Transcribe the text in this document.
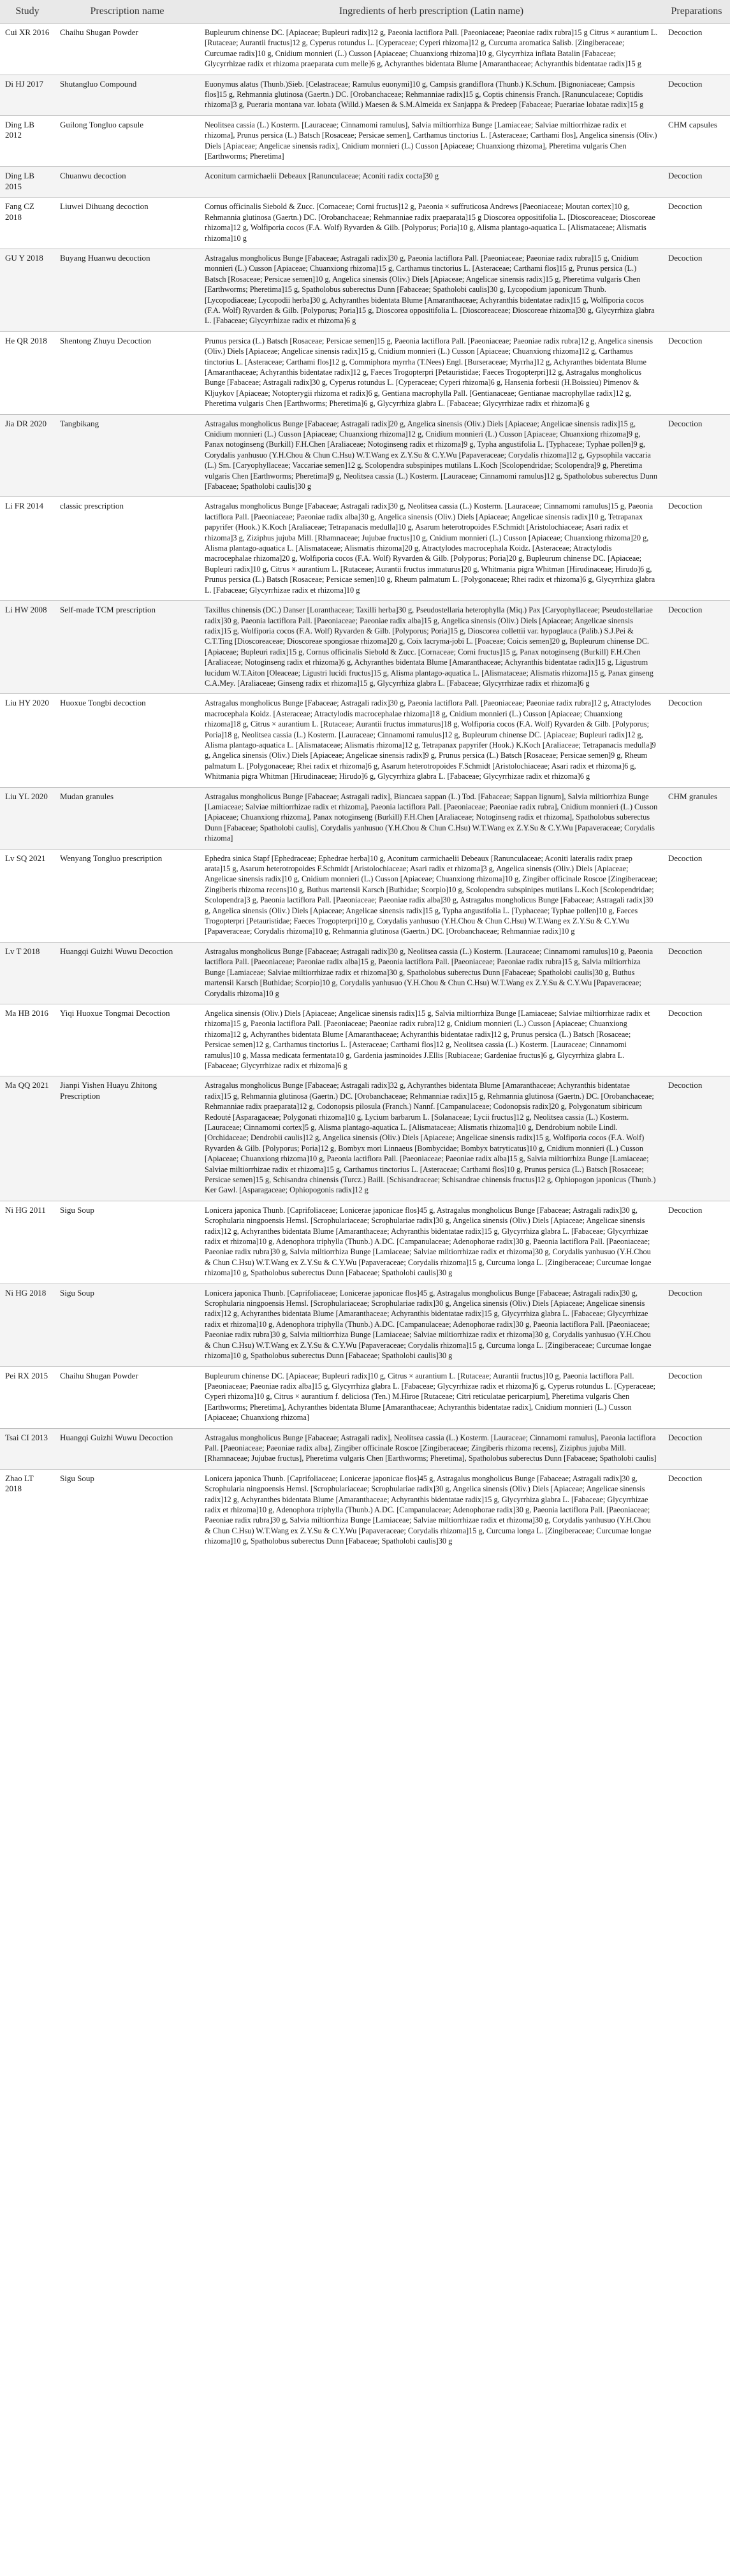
Study	Prescription name	Ingredients of herb prescription (Latin name)	Preparations
Cui XR 2016	Chaihu Shugan Powder	Bupleurum chinense DC. [Apiaceae; Bupleuri radix]12 g, Paeonia lactiflora Pall. [Paeoniaceae; Paeoniae radix rubra]15 g Citrus × aurantium L. [Rutaceae; Aurantii fructus]12 g, Cyperus rotundus L. [Cyperaceae; Cyperi rhizoma]12 g, Curcuma aromatica Salisb. [Zingiberaceae; Curcumae radix]10 g, Cnidium monnieri (L.) Cusson [Apiaceae; Chuanxiong rhizoma]10 g, Glycyrrhiza inflata Batalin [Fabaceae; Glycyrrhizae radix et rhizoma praeparata cum melle]6 g, Achyranthes bidentata Blume [Amaranthaceae; Achyranthis bidentatae radix]15 g	Decoction
Di HJ 2017	Shutangluo Compound	Euonymus alatus (Thunb.)Sieb. [Celastraceae; Ramulus euonymi]10 g, Campsis grandiflora (Thunb.) K.Schum. [Bignoniaceae; Campsis flos]15 g, Rehmannia glutinosa (Gaertn.) DC. [Orobanchaceae; Rehmanniae radix]15 g, Coptis chinensis Franch. [Ranunculaceae; Coptidis rhizoma]3 g, Pueraria montana var. lobata (Willd.) Maesen & S.M.Almeida ex Sanjappa & Predeep [Fabaceae; Puerariae lobatae radix]15 g	Decoction
Ding LB 2012	Guilong Tongluo capsule	Neolitsea cassia (L.) Kosterm. [Lauraceae; Cinnamomi ramulus], Salvia miltiorrhiza Bunge [Lamiaceae; Salviae miltiorrhizae radix et rhizoma], Prunus persica (L.) Batsch [Rosaceae; Persicae semen], Carthamus tinctorius L. [Asteraceae; Carthami flos], Angelica sinensis (Oliv.) Diels [Apiaceae; Angelicae sinensis radix], Cnidium monnieri (L.) Cusson [Apiaceae; Chuanxiong rhizoma], Pheretima vulgaris Chen [Earthworms; Pheretima]	CHM capsules
Ding LB 2015	Chuanwu decoction	Aconitum carmichaelii Debeaux [Ranunculaceae; Aconiti radix cocta]30 g	Decoction
Fang CZ 2018	Liuwei Dihuang decoction	Cornus officinalis Siebold & Zucc. [Cornaceae; Corni fructus]12 g, Paeonia × suffruticosa Andrews [Paeoniaceae; Moutan cortex]10 g, Rehmannia glutinosa (Gaertn.) DC. [Orobanchaceae; Rehmanniae radix praeparata]15 g Dioscorea oppositifolia L. [Dioscoreaceae; Dioscoreae rhizoma]12 g, Wolfiporia cocos (F.A. Wolf) Ryvarden & Gilb. [Polyporus; Poria]10 g, Alisma plantago-aquatica L. [Alismataceae; Alismatis rhizoma]10 g	Decoction
GU Y 2018	Buyang Huanwu decoction	Astragalus mongholicus Bunge [Fabaceae; Astragali radix]30 g, Paeonia lactiflora Pall. [Paeoniaceae; Paeoniae radix rubra]15 g, Cnidium monnieri (L.) Cusson [Apiaceae; Chuanxiong rhizoma]15 g, Carthamus tinctorius L. [Asteraceae; Carthami flos]15 g, Prunus persica (L.) Batsch [Rosaceae; Persicae semen]10 g, Angelica sinensis (Oliv.) Diels [Apiaceae; Angelicae sinensis radix]15 g, Pheretima vulgaris Chen [Earthworms; Pheretima]15 g, Spatholobus suberectus Dunn [Fabaceae; Spatholobi caulis]30 g, Lycopodium japonicum Thunb. [Lycopodiaceae; Lycopodii herba]30 g, Achyranthes bidentata Blume [Amaranthaceae; Achyranthis bidentatae radix]15 g, Wolfiporia cocos (F.A. Wolf) Ryvarden & Gilb. [Polyporus; Poria]15 g, Dioscorea oppositifolia L. [Dioscoreaceae; Dioscoreae rhizoma]30 g, Glycyrrhiza glabra L. [Fabaceae; Glycyrrhizae radix et rhizoma]6 g	Decoction
He QR 2018	Shentong Zhuyu Decoction	Prunus persica (L.) Batsch [Rosaceae; Persicae semen]15 g, Paeonia lactiflora Pall. [Paeoniaceae; Paeoniae radix rubra]12 g, Angelica sinensis (Oliv.) Diels [Apiaceae; Angelicae sinensis radix]15 g, Cnidium monnieri (L.) Cusson [Apiaceae; Chuanxiong rhizoma]12 g, Carthamus tinctorius L. [Asteraceae; Carthami flos]12 g, Commiphora myrrha (T.Nees) Engl. [Burseraceae; Myrrha]12 g, Achyranthes bidentata Blume [Amaranthaceae; Achyranthis bidentatae radix]12 g, Faeces Trogopterpri [Petauristidae; Faeces Trogopterpri]12 g, Astragalus mongholicus Bunge [Fabaceae; Astragali radix]30 g, Cyperus rotundus L. [Cyperaceae; Cyperi rhizoma]6 g, Hansenia forbesii (H.Boissieu) Pimenov & Kljuykov [Apiaceae; Notopterygii rhizoma et radix]6 g, Gentiana macrophylla Pall. [Gentianaceae; Gentianae macrophyllae radix]12 g, Pheretima vulgaris Chen [Earthworms; Pheretima]6 g, Glycyrrhiza glabra L. [Fabaceae; Glycyrrhizae radix et rhizoma]6 g	Decoction
Jia DR 2020	Tangbikang	Astragalus mongholicus Bunge [Fabaceae; Astragali radix]20 g, Angelica sinensis (Oliv.) Diels [Apiaceae; Angelicae sinensis radix]15 g, Cnidium monnieri (L.) Cusson [Apiaceae; Chuanxiong rhizoma]12 g, Cnidium monnieri (L.) Cusson [Apiaceae; Chuanxiong rhizoma]9 g, Panax notoginseng (Burkill) F.H.Chen [Araliaceae; Notoginseng radix et rhizoma]9 g, Typha angustifolia L. [Typhaceae; Typhae pollen]9 g, Corydalis yanhusuo (Y.H.Chou & Chun C.Hsu) W.T.Wang ex Z.Y.Su & C.Y.Wu [Papaveraceae; Corydalis rhizoma]12 g, Gypsophila vaccaria (L.) Sm. [Caryophyllaceae; Vaccariae semen]12 g, Scolopendra subspinipes mutilans L.Koch [Scolopendridae; Scolopendra]9 g, Pheretima vulgaris Chen [Earthworms; Pheretima]9 g, Neolitsea cassia (L.) Kosterm. [Lauraceae; Cinnamomi ramulus]12 g, Spatholobus suberectus Dunn [Fabaceae; Spatholobi caulis]30 g	Decoction
Li FR 2014	classic prescription	Astragalus mongholicus Bunge [Fabaceae; Astragali radix]30 g, Neolitsea cassia (L.) Kosterm. [Lauraceae; Cinnamomi ramulus]15 g, Paeonia lactiflora Pall. [Paeoniaceae; Paeoniae radix alba]30 g, Angelica sinensis (Oliv.) Diels [Apiaceae; Angelicae sinensis radix]10 g, Tetrapanax papyrifer (Hook.) K.Koch [Araliaceae; Tetrapanacis medulla]10 g, Asarum heterotropoides F.Schmidt [Aristolochiaceae; Asari radix et rhizoma]3 g, Ziziphus jujuba Mill. [Rhamnaceae; Jujubae fructus]10 g, Cnidium monnieri (L.) Cusson [Apiaceae; Chuanxiong rhizoma]20 g, Alisma plantago-aquatica L. [Alismataceae; Alismatis rhizoma]20 g, Atractylodes macrocephala Koidz. [Asteraceae; Atractylodis macrocephalae rhizoma]20 g, Wolfiporia cocos (F.A. Wolf) Ryvarden & Gilb. [Polyporus; Poria]20 g, Bupleurum chinense DC. [Apiaceae; Bupleuri radix]10 g, Citrus × aurantium L. [Rutaceae; Aurantii fructus immaturus]20 g, Whitmania pigra Whitman [Hirudinaceae; Hirudo]6 g, Prunus persica (L.) Batsch [Rosaceae; Persicae semen]10 g, Rheum palmatum L. [Polygonaceae; Rhei radix et rhizoma]6 g, Glycyrrhiza glabra L. [Fabaceae; Glycyrrhizae radix et rhizoma]10 g	Decoction
Li HW 2008	Self-made TCM prescription	Taxillus chinensis (DC.) Danser [Loranthaceae; Taxilli herba]30 g, Pseudostellaria heterophylla (Miq.) Pax [Caryophyllaceae; Pseudostellariae radix]30 g, Paeonia lactiflora Pall. [Paeoniaceae; Paeoniae radix alba]15 g, Angelica sinensis (Oliv.) Diels [Apiaceae; Angelicae sinensis radix]15 g, Wolfiporia cocos (F.A. Wolf) Ryvarden & Gilb. [Polyporus; Poria]15 g, Dioscorea collettii var. hypoglauca (Palib.) S.J.Pei & C.T.Ting [Dioscoreaceae; Dioscoreae spongiosae rhizoma]20 g, Coix lacryma-jobi L. [Poaceae; Coicis semen]20 g, Bupleurum chinense DC. [Apiaceae; Bupleuri radix]15 g, Cornus officinalis Siebold & Zucc. [Cornaceae; Corni fructus]15 g, Panax notoginseng (Burkill) F.H.Chen [Araliaceae; Notoginseng radix et rhizoma]6 g, Achyranthes bidentata Blume [Amaranthaceae; Achyranthis bidentatae radix]15 g, Ligustrum lucidum W.T.Aiton [Oleaceae; Ligustri lucidi fructus]15 g, Alisma plantago-aquatica L. [Alismataceae; Alismatis rhizoma]15 g, Panax ginseng C.A.Mey. [Araliaceae; Ginseng radix et rhizoma]15 g, Glycyrrhiza glabra L. [Fabaceae; Glycyrrhizae radix et rhizoma]6 g	Decoction
Liu HY 2020	Huoxue Tongbi decoction	Astragalus mongholicus Bunge [Fabaceae; Astragali radix]30 g, Paeonia lactiflora Pall. [Paeoniaceae; Paeoniae radix rubra]12 g, Atractylodes macrocephala Koidz. [Asteraceae; Atractylodis macrocephalae rhizoma]18 g, Cnidium monnieri (L.) Cusson [Apiaceae; Chuanxiong rhizoma]18 g, Citrus × aurantium L. [Rutaceae; Aurantii fructus immaturus]18 g, Wolfiporia cocos (F.A. Wolf) Ryvarden & Gilb. [Polyporus; Poria]18 g, Neolitsea cassia (L.) Kosterm. [Lauraceae; Cinnamomi ramulus]12 g, Bupleurum chinense DC. [Apiaceae; Bupleuri radix]12 g, Alisma plantago-aquatica L. [Alismataceae; Alismatis rhizoma]12 g, Tetrapanax papyrifer (Hook.) K.Koch [Araliaceae; Tetrapanacis medulla]9 g, Angelica sinensis (Oliv.) Diels [Apiaceae; Angelicae sinensis radix]9 g, Prunus persica (L.) Batsch [Rosaceae; Persicae semen]9 g, Rheum palmatum L. [Polygonaceae; Rhei radix et rhizoma]6 g, Asarum heterotropoides F.Schmidt [Aristolochiaceae; Asari radix et rhizoma]6 g, Whitmania pigra Whitman [Hirudinaceae; Hirudo]6 g, Glycyrrhiza glabra L. [Fabaceae; Glycyrrhizae radix et rhizoma]6 g	Decoction
Liu YL 2020	Mudan granules	Astragalus mongholicus Bunge [Fabaceae; Astragali radix], Biancaea sappan (L.) Tod. [Fabaceae; Sappan lignum], Salvia miltiorrhiza Bunge [Lamiaceae; Salviae miltiorrhizae radix et rhizoma], Paeonia lactiflora Pall. [Paeoniaceae; Paeoniae radix rubra], Cnidium monnieri (L.) Cusson [Apiaceae; Chuanxiong rhizoma], Panax notoginseng (Burkill) F.H.Chen [Araliaceae; Notoginseng radix et rhizoma], Spatholobus suberectus Dunn [Fabaceae; Spatholobi caulis], Corydalis yanhusuo (Y.H.Chou & Chun C.Hsu) W.T.Wang ex Z.Y.Su & C.Y.Wu [Papaveraceae; Corydalis rhizoma]	CHM granules
Lv SQ 2021	Wenyang Tongluo prescription	Ephedra sinica Stapf [Ephedraceae; Ephedrae herba]10 g, Aconitum carmichaelii Debeaux [Ranunculaceae; Aconiti lateralis radix praep arata]15 g, Asarum heterotropoides F.Schmidt [Aristolochiaceae; Asari radix et rhizoma]3 g, Angelica sinensis (Oliv.) Diels [Apiaceae; Angelicae sinensis radix]10 g, Cnidium monnieri (L.) Cusson [Apiaceae; Chuanxiong rhizoma]10 g, Zingiber officinale Roscoe [Zingiberaceae; Zingiberis rhizoma recens]10 g, Buthus martensii Karsch [Buthidae; Scorpio]10 g, Scolopendra subspinipes mutilans L.Koch [Scolopendridae; Scolopendra]3 g, Paeonia lactiflora Pall. [Paeoniaceae; Paeoniae radix alba]30 g, Astragalus mongholicus Bunge [Fabaceae; Astragali radix]30 g, Angelica sinensis (Oliv.) Diels [Apiaceae; Angelicae sinensis radix]15 g, Typha angustifolia L. [Typhaceae; Typhae pollen]10 g, Faeces Trogopterpri [Petauristidae; Faeces Trogopterpri]10 g, Corydalis yanhusuo (Y.H.Chou & Chun C.Hsu) W.T.Wang ex Z.Y.Su & C.Y.Wu [Papaveraceae; Corydalis rhizoma]10 g, Rehmannia glutinosa (Gaertn.) DC. [Orobanchaceae; Rehmanniae radix]10 g	Decoction
Lv T 2018	Huangqi Guizhi Wuwu Decoction	Astragalus mongholicus Bunge [Fabaceae; Astragali radix]30 g, Neolitsea cassia (L.) Kosterm. [Lauraceae; Cinnamomi ramulus]10 g, Paeonia lactiflora Pall. [Paeoniaceae; Paeoniae radix alba]15 g, Paeonia lactiflora Pall. [Paeoniaceae; Paeoniae radix rubra]15 g, Salvia miltiorrhiza Bunge [Lamiaceae; Salviae miltiorrhizae radix et rhizoma]30 g, Spatholobus suberectus Dunn [Fabaceae; Spatholobi caulis]30 g, Buthus martensii Karsch [Buthidae; Scorpio]10 g, Corydalis yanhusuo (Y.H.Chou & Chun C.Hsu) W.T.Wang ex Z.Y.Su & C.Y.Wu [Papaveraceae; Corydalis rhizoma]10 g	Decoction
Ma HB 2016	Yiqi Huoxue Tongmai Decoction	Angelica sinensis (Oliv.) Diels [Apiaceae; Angelicae sinensis radix]15 g, Salvia miltiorrhiza Bunge [Lamiaceae; Salviae miltiorrhizae radix et rhizoma]15 g, Paeonia lactiflora Pall. [Paeoniaceae; Paeoniae radix rubra]12 g, Cnidium monnieri (L.) Cusson [Apiaceae; Chuanxiong rhizoma]12 g, Achyranthes bidentata Blume [Amaranthaceae; Achyranthis bidentatae radix]12 g, Prunus persica (L.) Batsch [Rosaceae; Persicae semen]12 g, Carthamus tinctorius L. [Asteraceae; Carthami flos]12 g, Neolitsea cassia (L.) Kosterm. [Lauraceae; Cinnamomi ramulus]10 g, Massa medicata fermentata10 g, Gardenia jasminoides J.Ellis [Rubiaceae; Gardeniae fructus]6 g, Glycyrrhiza glabra L. [Fabaceae; Glycyrrhizae radix et rhizoma]6 g	Decoction
Ma QQ 2021	Jianpi Yishen Huayu Zhitong Prescription	Astragalus mongholicus Bunge [Fabaceae; Astragali radix]32 g, Achyranthes bidentata Blume [Amaranthaceae; Achyranthis bidentatae radix]15 g, Rehmannia glutinosa (Gaertn.) DC. [Orobanchaceae; Rehmanniae radix]15 g, Rehmannia glutinosa (Gaertn.) DC. [Orobanchaceae; Rehmanniae radix praeparata]12 g, Codonopsis pilosula (Franch.) Nannf. [Campanulaceae; Codonopsis radix]20 g, Polygonatum sibiricum Redouté [Asparagaceae; Polygonati rhizoma]10 g, Lycium barbarum L. [Solanaceae; Lycii fructus]12 g, Neolitsea cassia (L.) Kosterm. [Lauraceae; Cinnamomi cortex]5 g, Alisma plantago-aquatica L. [Alismataceae; Alismatis rhizoma]10 g, Dendrobium nobile Lindl. [Orchidaceae; Dendrobii caulis]12 g, Angelica sinensis (Oliv.) Diels [Apiaceae; Angelicae sinensis radix]15 g, Wolfiporia cocos (F.A. Wolf) Ryvarden & Gilb. [Polyporus; Poria]12 g, Bombyx mori Linnaeus [Bombycidae; Bombyx batryticatus]10 g, Cnidium monnieri (L.) Cusson [Apiaceae; Chuanxiong rhizoma]10 g, Paeonia lactiflora Pall. [Paeoniaceae; Paeoniae radix alba]15 g, Salvia miltiorrhiza Bunge [Lamiaceae; Salviae miltiorrhizae radix et rhizoma]15 g, Carthamus tinctorius L. [Asteraceae; Carthami flos]10 g, Prunus persica (L.) Batsch [Rosaceae; Persicae semen]15 g, Schisandra chinensis (Turcz.) Baill. [Schisandraceae; Schisandrae chinensis fructus]12 g, Ophiopogon japonicus (Thunb.) Ker Gawl. [Asparagaceae; Ophiopogonis radix]12 g	Decoction
Ni HG 2011	Sigu Soup	Lonicera japonica Thunb. [Caprifoliaceae; Lonicerae japonicae flos]45 g, Astragalus mongholicus Bunge [Fabaceae; Astragali radix]30 g, Scrophularia ningpoensis Hemsl. [Scrophulariaceae; Scrophulariae radix]30 g, Angelica sinensis (Oliv.) Diels [Apiaceae; Angelicae sinensis radix]12 g, Achyranthes bidentata Blume [Amaranthaceae; Achyranthis bidentatae radix]15 g, Glycyrrhiza glabra L. [Fabaceae; Glycyrrhizae radix et rhizoma]10 g, Adenophora triphylla (Thunb.) A.DC. [Campanulaceae; Adenophorae radix]30 g, Paeonia lactiflora Pall. [Paeoniaceae; Paeoniae radix rubra]30 g, Salvia miltiorrhiza Bunge [Lamiaceae; Salviae miltiorrhizae radix et rhizoma]30 g, Corydalis yanhusuo (Y.H.Chou & Chun C.Hsu) W.T.Wang ex Z.Y.Su & C.Y.Wu [Papaveraceae; Corydalis rhizoma]15 g, Curcuma longa L. [Zingiberaceae; Curcumae longae rhizoma]10 g, Spatholobus suberectus Dunn [Fabaceae; Spatholobi caulis]30 g	Decoction
Ni HG 2018	Sigu Soup	Lonicera japonica Thunb. [Caprifoliaceae; Lonicerae japonicae flos]45 g, Astragalus mongholicus Bunge [Fabaceae; Astragali radix]30 g, Scrophularia ningpoensis Hemsl. [Scrophulariaceae; Scrophulariae radix]30 g, Angelica sinensis (Oliv.) Diels [Apiaceae; Angelicae sinensis radix]12 g, Achyranthes bidentata Blume [Amaranthaceae; Achyranthis bidentatae radix]15 g, Glycyrrhiza glabra L. [Fabaceae; Glycyrrhizae radix et rhizoma]10 g, Adenophora triphylla (Thunb.) A.DC. [Campanulaceae; Adenophorae radix]30 g, Paeonia lactiflora Pall. [Paeoniaceae; Paeoniae radix rubra]30 g, Salvia miltiorrhiza Bunge [Lamiaceae; Salviae miltiorrhizae radix et rhizoma]30 g, Corydalis yanhusuo (Y.H.Chou & Chun C.Hsu) W.T.Wang ex Z.Y.Su & C.Y.Wu [Papaveraceae; Corydalis rhizoma]15 g, Curcuma longa L. [Zingiberaceae; Curcumae longae rhizoma]10 g, Spatholobus suberectus Dunn [Fabaceae; Spatholobi caulis]30 g	Decoction
Pei RX 2015	Chaihu Shugan Powder	Bupleurum chinense DC. [Apiaceae; Bupleuri radix]10 g, Citrus × aurantium L. [Rutaceae; Aurantii fructus]10 g, Paeonia lactiflora Pall. [Paeoniaceae; Paeoniae radix alba]15 g, Glycyrrhiza glabra L. [Fabaceae; Glycyrrhizae radix et rhizoma]6 g, Cyperus rotundus L. [Cyperaceae; Cyperi rhizoma]10 g, Citrus × aurantium f. deliciosa (Ten.) M.Hiroe [Rutaceae; Citri reticulatae pericarpium], Pheretima vulgaris Chen [Earthworms; Pheretima], Achyranthes bidentata Blume [Amaranthaceae; Achyranthis bidentatae radix], Cnidium monnieri (L.) Cusson [Apiaceae; Chuanxiong rhizoma]	Decoction
Tsai CI 2013	Huangqi Guizhi Wuwu Decoction	Astragalus mongholicus Bunge [Fabaceae; Astragali radix], Neolitsea cassia (L.) Kosterm. [Lauraceae; Cinnamomi ramulus], Paeonia lactiflora Pall. [Paeoniaceae; Paeoniae radix alba], Zingiber officinale Roscoe [Zingiberaceae; Zingiberis rhizoma recens], Ziziphus jujuba Mill. [Rhamnaceae; Jujubae fructus], Pheretima vulgaris Chen [Earthworms; Pheretima], Spatholobus suberectus Dunn [Fabaceae; Spatholobi caulis]	Decoction
Zhao LT 2018	Sigu Soup	Lonicera japonica Thunb. [Caprifoliaceae; Lonicerae japonicae flos]45 g, Astragalus mongholicus Bunge [Fabaceae; Astragali radix]30 g, Scrophularia ningpoensis Hemsl. [Scrophulariaceae; Scrophulariae radix]30 g, Angelica sinensis (Oliv.) Diels [Apiaceae; Angelicae sinensis radix]12 g, Achyranthes bidentata Blume [Amaranthaceae; Achyranthis bidentatae radix]15 g, Glycyrrhiza glabra L. [Fabaceae; Glycyrrhizae radix et rhizoma]10 g, Adenophora triphylla (Thunb.) A.DC. [Campanulaceae; Adenophorae radix]30 g, Paeonia lactiflora Pall. [Paeoniaceae; Paeoniae radix rubra]30 g, Salvia miltiorrhiza Bunge [Lamiaceae; Salviae miltiorrhizae radix et rhizoma]30 g, Corydalis yanhusuo (Y.H.Chou & Chun C.Hsu) W.T.Wang ex Z.Y.Su & C.Y.Wu [Papaveraceae; Corydalis rhizoma]15 g, Curcuma longa L. [Zingiberaceae; Curcumae longae rhizoma]10 g, Spatholobus suberectus Dunn [Fabaceae; Spatholobi caulis]30 g	Decoction
